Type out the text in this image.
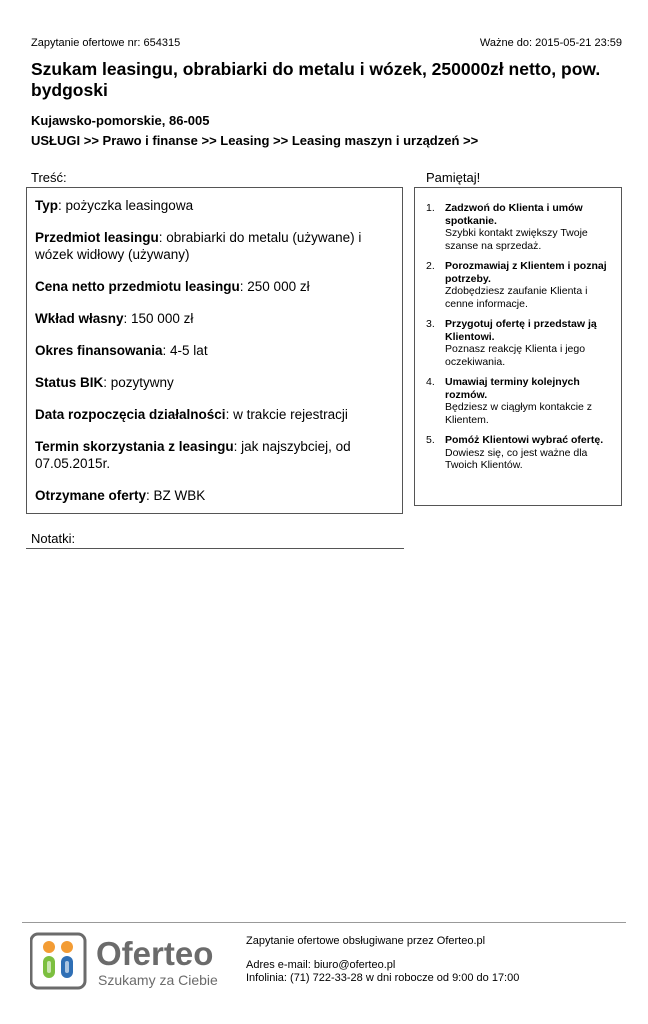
Zapytanie ofertowe nr: 654315	Ważne do: 2015-05-21 23:59
Szukam leasingu, obrabiarki do metalu i wózek, 250000zł netto, pow. bydgoski
Kujawsko-pomorskie, 86-005
USŁUGI >> Prawo i finanse >> Leasing >> Leasing maszyn i urządzeń >>
Treść:	Pamiętaj!

Typ: pożyczka leasingowa

Przedmiot leasingu: obrabiarki do metalu (używane) i wózek widłowy (używany)

Cena netto przedmiotu leasingu: 250 000 zł

Wkład własny: 150 000 zł

Okres finansowania: 4-5 lat

Status BIK: pozytywny

Data rozpoczęcia działalności: w trakcie rejestracji

Termin skorzystania z leasingu: jak najszybciej, od 07.05.2015r.

Otrzymane oferty: BZ WBK

1. Zadzwoń do Klienta i umów spotkanie.
Szybki kontakt zwiększy Twoje szanse na sprzedaż.
2. Porozmawiaj z Klientem i poznaj potrzeby.
Zdobędziesz zaufanie Klienta i cenne informacje.
3. Przygotuj ofertę i przedstaw ją Klientowi.
Poznasz reakcję Klienta i jego oczekiwania.
4. Umawiaj terminy kolejnych rozmów.
Będziesz w ciągłym kontakcie z Klientem.
5. Pomóż Klientowi wybrać ofertę.
Dowiesz się, co jest ważne dla Twoich Klientów.
Notatki:
Oferteo
Szukamy za Ciebie
Zapytanie ofertowe obsługiwane przez Oferteo.pl
Adres e-mail: biuro@oferteo.pl
Infolinia: (71) 722-33-28 w dni robocze od 9:00 do 17:00
